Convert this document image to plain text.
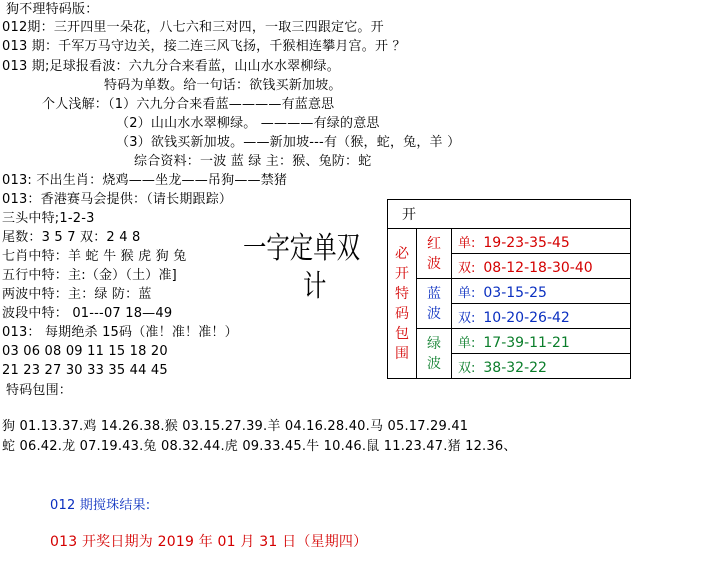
狗不理特码版：
012期：三开四里一朵花，八七六和三对四，一取三四跟定它。开
013 期：千军万马守边关，接二连三风飞扬，千猴相连攀月宫。开 ？
013 期;足球报看波：六九分合来看蓝，山山水水翠柳绿。
特码为单数。给一句话：欲钱买新加坡。
个人浅解：（1）六九分合来看蓝————有蓝意思
（2）山山水水翠柳绿。 ————有绿的意思
（3）欲钱买新加坡。——新加坡---有（猴，蛇，兔，羊 ）
综合资料：一波 蓝 绿 主：猴、兔防：蛇
013: 不出生肖：烧鸡——坐龙——吊狗——禁猪
013：香港赛马会提供：（请长期跟踪）
三头中特;1-2-3
尾数：3 5 7 双：2 4 8
七肖中特：羊 蛇 牛 猴 虎 狗 兔
五行中特：主:（金）（土）准]
两波中特：主：绿 防：蓝
波段中特： 01---07 18—49
013： 每期绝杀 15码（准！准！准！）
03 06 08 09 11 15 18 20
21 23 27 30 33 35 44 45
特码包围：
狗 01.13.37.鸡 14.26.38.猴 03.15.27.39.羊 04.16.28.40.马 05.17.29.41
蛇 06.42.龙 07.19.43.兔 08.32.44.虎 09.33.45.牛 10.46.鼠 11.23.47.猪 12.36、
一字定单双
计
开		

必开特码包围	红波	单: 19-23-35-45
		双: 08-12-18-30-40

	蓝波	单: 03-15-25
		双: 10-20-26-42

	绿波	单: 17-39-11-21
		双: 38-32-22
012 期搅珠结果:
013 开奖日期为 2019 年 01 月 31 日（星期四）
